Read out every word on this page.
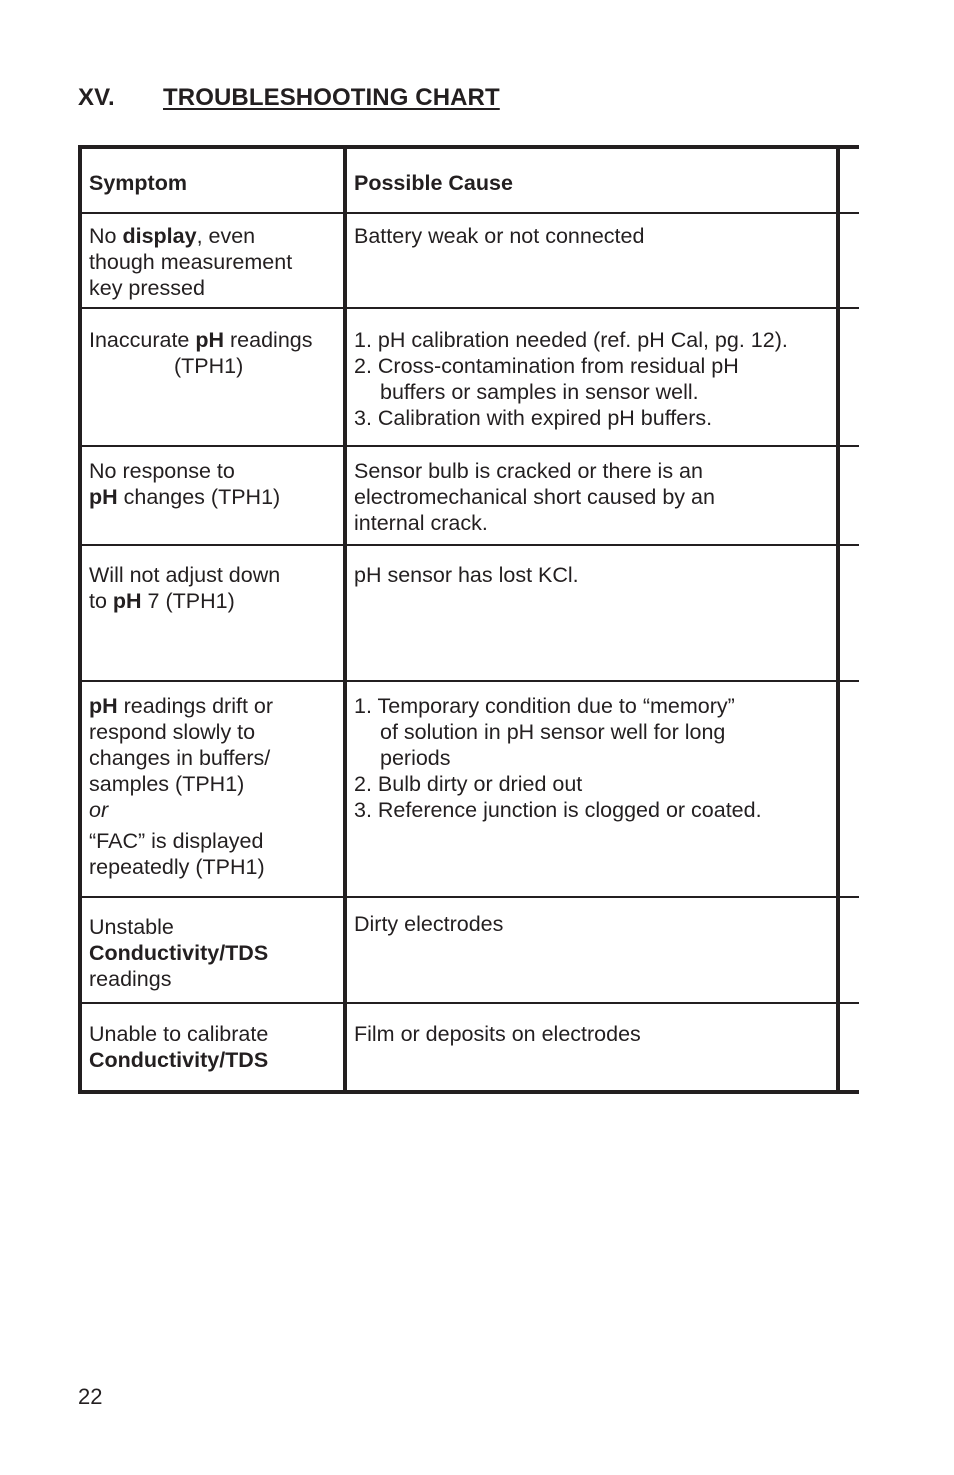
XV. TROUBLESHOOTING CHART
Symptom	Possible Cause
No display, even
though measurement
key pressed
Battery weak or not connected
Inaccurate pH readings

(TPH1)
1. pH calibration needed (ref. pH Cal, pg. 12).
2. Cross-contamination from residual pH
buffers or samples in sensor well.
3. Calibration with expired pH buffers.
No response to
pH changes (TPH1)
Sensor bulb is cracked or there is an
electromechanical short caused by an
internal crack.
Will not adjust down
to pH 7 (TPH1)
pH sensor has lost KCl.
pH readings drift or
respond slowly to
changes in buffers/
samples (TPH1)
or

“FAC” is displayed
repeatedly (TPH1)
1. Temporary condition due to “memory”
of solution in pH sensor well for long
periods
2. Bulb dirty or dried out
3. Reference junction is clogged or coated.
Unstable
Conductivity/TDS
readings
Dirty electrodes
Unable to calibrate
Conductivity/TDS
Film or deposits on electrodes
22
